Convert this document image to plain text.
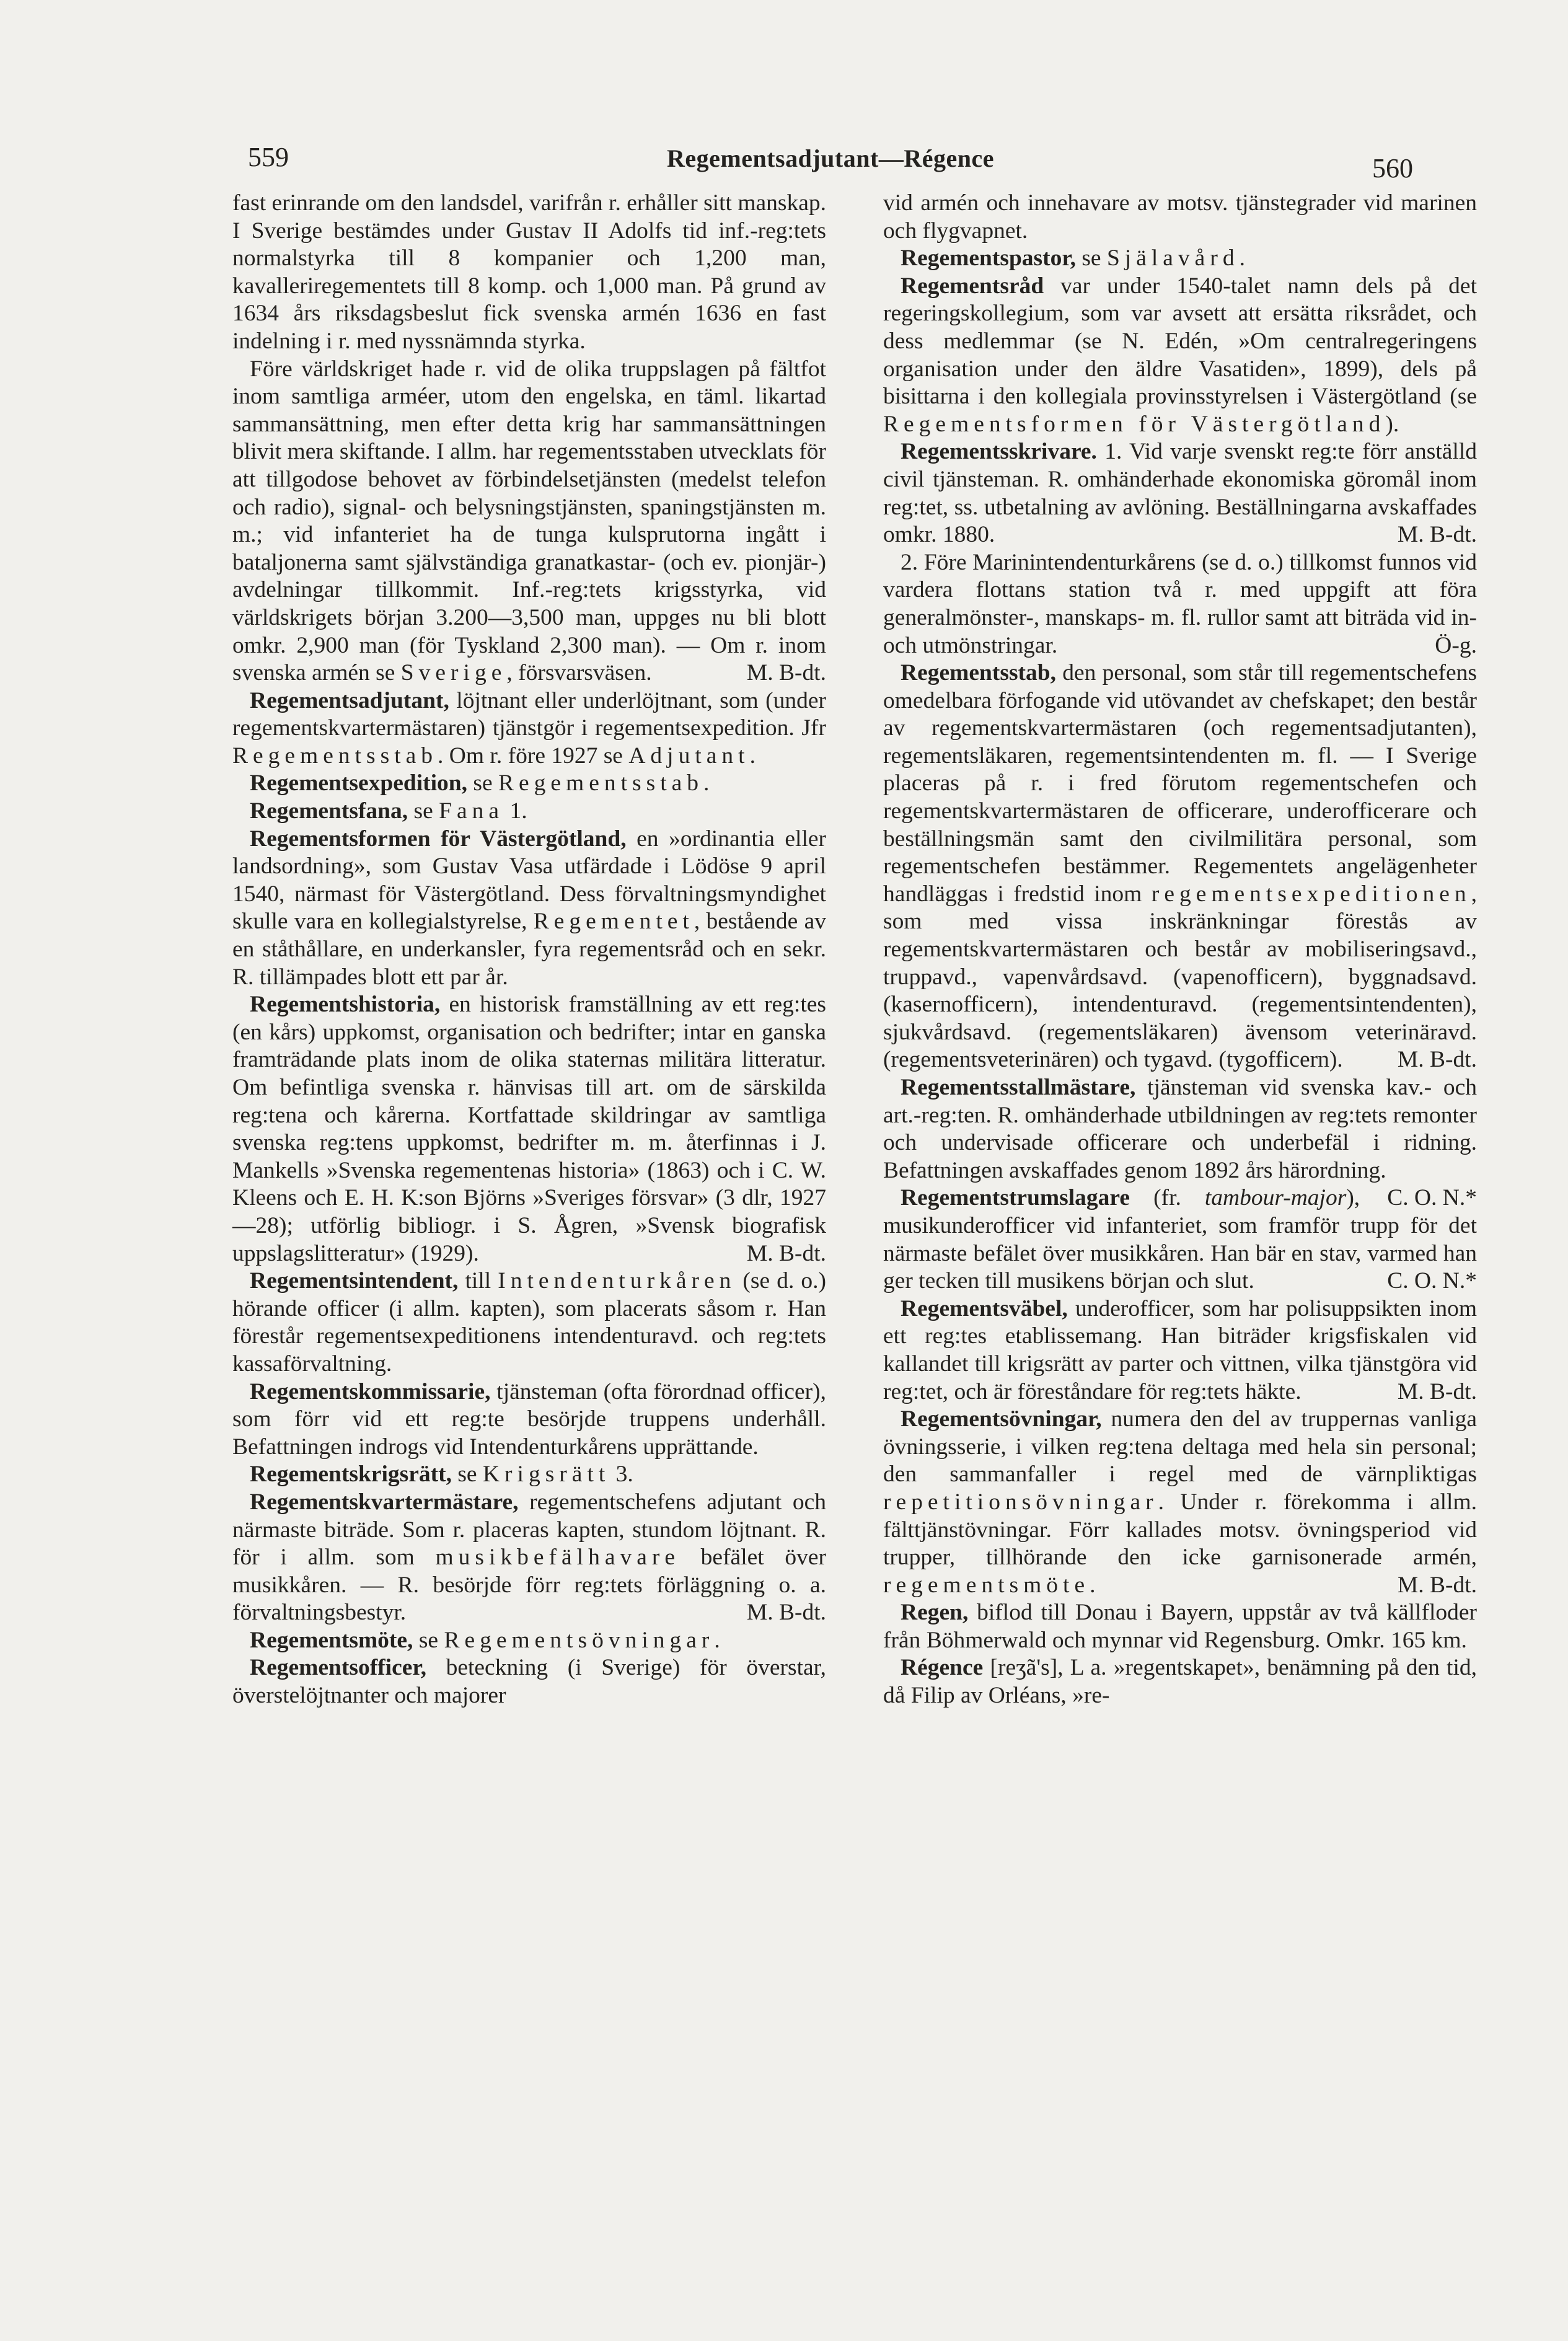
559	Regementsadjutant—Régence	560

fast erinrande om den landsdel, varifrån r. erhåller sitt manskap. I Sverige bestämdes under Gustav II Adolfs tid inf.-reg:tets normalstyrka till 8 kompanier och 1,200 man, kavalleriregementets till 8 komp. och 1,000 man. På grund av 1634 års riksdagsbeslut fick svenska armén 1636 en fast indelning i r. med nyssnämnda styrka.

Före världskriget hade r. vid de olika truppslagen på fältfot inom samtliga arméer, utom den engelska, en täml. likartad sammansättning, men efter detta krig har sammansättningen blivit mera skiftande. I allm. har regementsstaben utvecklats för att tillgodose behovet av förbindelsetjänsten (medelst telefon och radio), signal- och belysningstjänsten, spaningstjänsten m. m.; vid infanteriet ha de tunga kulsprutorna ingått i bataljonerna samt självständiga granatkastar- (och ev. pionjär-) avdelningar tillkommit. Inf.-reg:tets krigsstyrka, vid världskrigets början 3.200—3,500 man, uppges nu bli blott omkr. 2,900 man (för Tyskland 2,300 man). — Om r. inom svenska armén se Sverige, försvarsväsen.	M. B-dt.

Regementsadjutant, löjtnant eller underlöjtnant, som (under regementskvartermästaren) tjänstgör i regementsexpedition. Jfr Regementsstab. Om r. före 1927 se Adjutant.

Regementsexpedition, se Regementsstab.

Regementsfana, se Fana 1.

Regementsformen för Västergötland, en »ordinantia eller landsordning», som Gustav Vasa utfärdade i Lödöse 9 april 1540, närmast för Västergötland. Dess förvaltningsmyndighet skulle vara en kollegialstyrelse, Regementet, bestående av en ståthållare, en underkansler, fyra regementsråd och en sekr. R. tillämpades blott ett par år.

Regementshistoria, en historisk framställning av ett reg:tes (en kårs) uppkomst, organisation och bedrifter; intar en ganska framträdande plats inom de olika staternas militära litteratur. Om befintliga svenska r. hänvisas till art. om de särskilda reg:tena och kårerna. Kortfattade skildringar av samtliga svenska reg:tens uppkomst, bedrifter m. m. återfinnas i J. Mankells »Svenska regementenas historia» (1863) och i C. W. Kleens och E. H. K:son Björns »Sveriges försvar» (3 dlr, 1927—28); utförlig bibliogr. i S. Ågren, »Svensk biografisk uppslagslitteratur» (1929).	M. B-dt.

Regementsintendent, till Intendenturkåren (se d. o.) hörande officer (i allm. kapten), som placerats såsom r. Han förestår regementsexpeditionens intendenturavd. och reg:tets kassaförvaltning.

Regementskommissarie, tjänsteman (ofta förordnad officer), som förr vid ett reg:te besörjde truppens underhåll. Befattningen indrogs vid Intendenturkårens upprättande.

Regementskrigsrätt, se Krigsrätt 3.

Regementskvartermästare, regementschefens adjutant och närmaste biträde. Som r. placeras kapten, stundom löjtnant. R. för i allm. som musikbefälhavare befälet över musikkåren. — R. besörjde förr reg:tets förläggning o. a. förvaltningsbestyr.	M. B-dt.

Regementsmöte, se Regementsövningar.

Regementsofficer, beteckning (i Sverige) för överstar, överstelöjtnanter och majorer

vid armén och innehavare av motsv. tjänstegrader vid marinen och flygvapnet.

Regementspastor, se Själavård.

Regementsråd var under 1540-talet namn dels på det regeringskollegium, som var avsett att ersätta riksrådet, och dess medlemmar (se N. Edén, »Om centralregeringens organisation under den äldre Vasatiden», 1899), dels på bisittarna i den kollegiala provinsstyrelsen i Västergötland (se Regementsformen för Västergötland).

Regementsskrivare. 1. Vid varje svenskt reg:te förr anställd civil tjänsteman. R. omhänderhade ekonomiska göromål inom reg:tet, ss. utbetalning av avlöning. Beställningarna avskaffades omkr. 1880.	M. B-dt.

2. Före Marinintendenturkårens (se d. o.) tillkomst funnos vid vardera flottans station två r. med uppgift att föra generalmönster-, manskaps- m. fl. rullor samt att biträda vid in- och utmönstringar.	Ö-g.

Regementsstab, den personal, som står till regementschefens omedelbara förfogande vid utövandet av chefskapet; den består av regementskvartermästaren (och regementsadjutanten), regementsläkaren, regementsintendenten m. fl. — I Sverige placeras på r. i fred förutom regementschefen och regementskvartermästaren de officerare, underofficerare och beställningsmän samt den civilmilitära personal, som regementschefen bestämmer. Regementets angelägenheter handläggas i fredstid inom regementsexpeditionen, som med vissa inskränkningar förestås av regementskvartermästaren och består av mobiliseringsavd., truppavd., vapenvårdsavd. (vapenofficern), byggnadsavd. (kasernofficern), intendenturavd. (regementsintendenten), sjukvårdsavd. (regementsläkaren) ävensom veterinäravd. (regementsveterinären) och tygavd. (tygofficern).	M. B-dt.

Regementsstallmästare, tjänsteman vid svenska kav.- och art.-reg:ten. R. omhänderhade utbildningen av reg:tets remonter och undervisade officerare och underbefäl i ridning. Befattningen avskaffades genom 1892 års härordning.
C. O. N.*

Regementstrumslagare (fr. tambour-major), musikunderofficer vid infanteriet, som framför trupp för det närmaste befälet över musikkåren. Han bär en stav, varmed han ger tecken till musikens början och slut.	C. O. N.*

Regementsväbel, underofficer, som har polisuppsikten inom ett reg:tes etablissemang. Han biträder krigsfiskalen vid kallandet till krigsrätt av parter och vittnen, vilka tjänstgöra vid reg:tet, och är föreståndare för reg:tets häkte.	M. B-dt.

Regementsövningar, numera den del av truppernas vanliga övningsserie, i vilken reg:tena deltaga med hela sin personal; den sammanfaller i regel med de värnpliktigas repetitionsövningar. Under r. förekomma i allm. fälttjänstövningar. Förr kallades motsv. övningsperiod vid trupper, tillhörande den icke garnisonerade armén, regementsmöte.	M. B-dt.

Regen, biflod till Donau i Bayern, uppstår av två källfloder från Böhmerwald och mynnar vid Regensburg. Omkr. 165 km.

Régence [reʒã's], L a. »regentskapet», benämning på den tid, då Filip av Orléans, »re-
